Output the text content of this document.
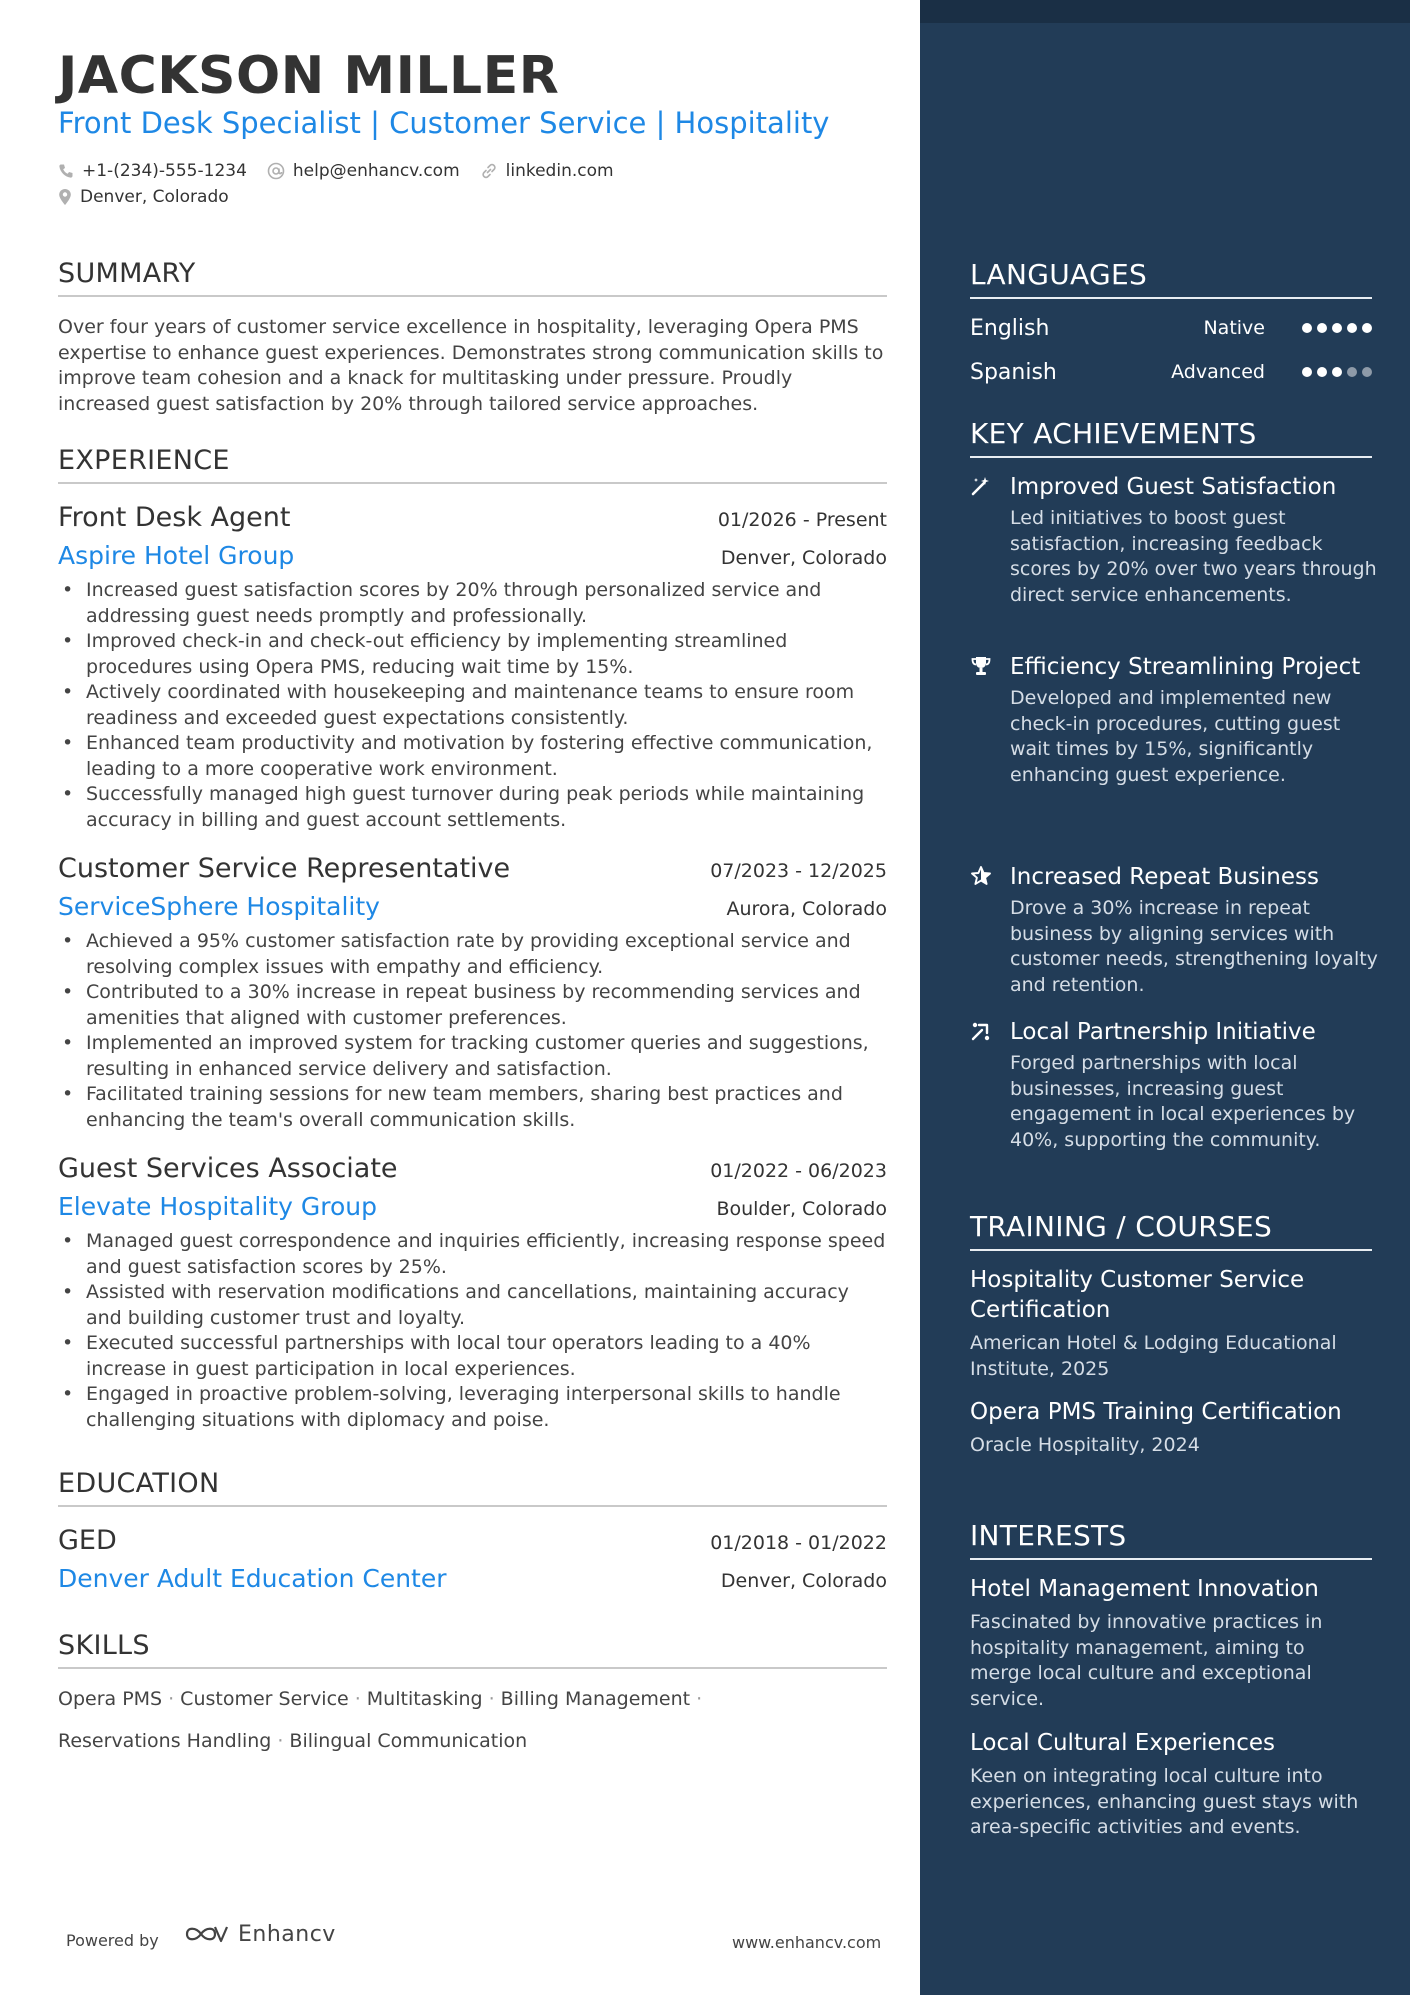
JACKSON MILLER
Front Desk Specialist | Customer Service | Hospitality
+1-(234)-555-1234	help@enhancv.com	linkedin.com
Denver, Colorado
SUMMARY
Over four years of customer service excellence in hospitality, leveraging Opera PMS expertise to enhance guest experiences. Demonstrates strong communication skills to improve team cohesion and a knack for multitasking under pressure. Proudly increased guest satisfaction by 20% through tailored service approaches.
EXPERIENCE
Front Desk Agent	01/2026 - Present
Aspire Hotel Group	Denver, Colorado
• Increased guest satisfaction scores by 20% through personalized service and addressing guest needs promptly and professionally.
• Improved check-in and check-out efficiency by implementing streamlined procedures using Opera PMS, reducing wait time by 15%.
• Actively coordinated with housekeeping and maintenance teams to ensure room readiness and exceeded guest expectations consistently.
• Enhanced team productivity and motivation by fostering effective communication, leading to a more cooperative work environment.
• Successfully managed high guest turnover during peak periods while maintaining accuracy in billing and guest account settlements.
Customer Service Representative	07/2023 - 12/2025
ServiceSphere Hospitality	Aurora, Colorado
• Achieved a 95% customer satisfaction rate by providing exceptional service and resolving complex issues with empathy and efficiency.
• Contributed to a 30% increase in repeat business by recommending services and amenities that aligned with customer preferences.
• Implemented an improved system for tracking customer queries and suggestions, resulting in enhanced service delivery and satisfaction.
• Facilitated training sessions for new team members, sharing best practices and enhancing the team's overall communication skills.
Guest Services Associate	01/2022 - 06/2023
Elevate Hospitality Group	Boulder, Colorado
• Managed guest correspondence and inquiries efficiently, increasing response speed and guest satisfaction scores by 25%.
• Assisted with reservation modifications and cancellations, maintaining accuracy and building customer trust and loyalty.
• Executed successful partnerships with local tour operators leading to a 40% increase in guest participation in local experiences.
• Engaged in proactive problem-solving, leveraging interpersonal skills to handle challenging situations with diplomacy and poise.
EDUCATION
GED	01/2018 - 01/2022
Denver Adult Education Center	Denver, Colorado
SKILLS
Opera PMS · Customer Service · Multitasking · Billing Management ·
Reservations Handling · Bilingual Communication
Powered by	Enhancv	www.enhancv.com
LANGUAGES
English	Native
Spanish	Advanced
KEY ACHIEVEMENTS
Improved Guest Satisfaction
Led initiatives to boost guest satisfaction, increasing feedback scores by 20% over two years through direct service enhancements.
Efficiency Streamlining Project
Developed and implemented new check-in procedures, cutting guest wait times by 15%, significantly enhancing guest experience.
Increased Repeat Business
Drove a 30% increase in repeat business by aligning services with customer needs, strengthening loyalty and retention.
Local Partnership Initiative
Forged partnerships with local businesses, increasing guest engagement in local experiences by 40%, supporting the community.
TRAINING / COURSES
Hospitality Customer Service Certification
American Hotel & Lodging Educational Institute, 2025
Opera PMS Training Certification
Oracle Hospitality, 2024
INTERESTS
Hotel Management Innovation
Fascinated by innovative practices in hospitality management, aiming to merge local culture and exceptional service.
Local Cultural Experiences
Keen on integrating local culture into experiences, enhancing guest stays with area-specific activities and events.
